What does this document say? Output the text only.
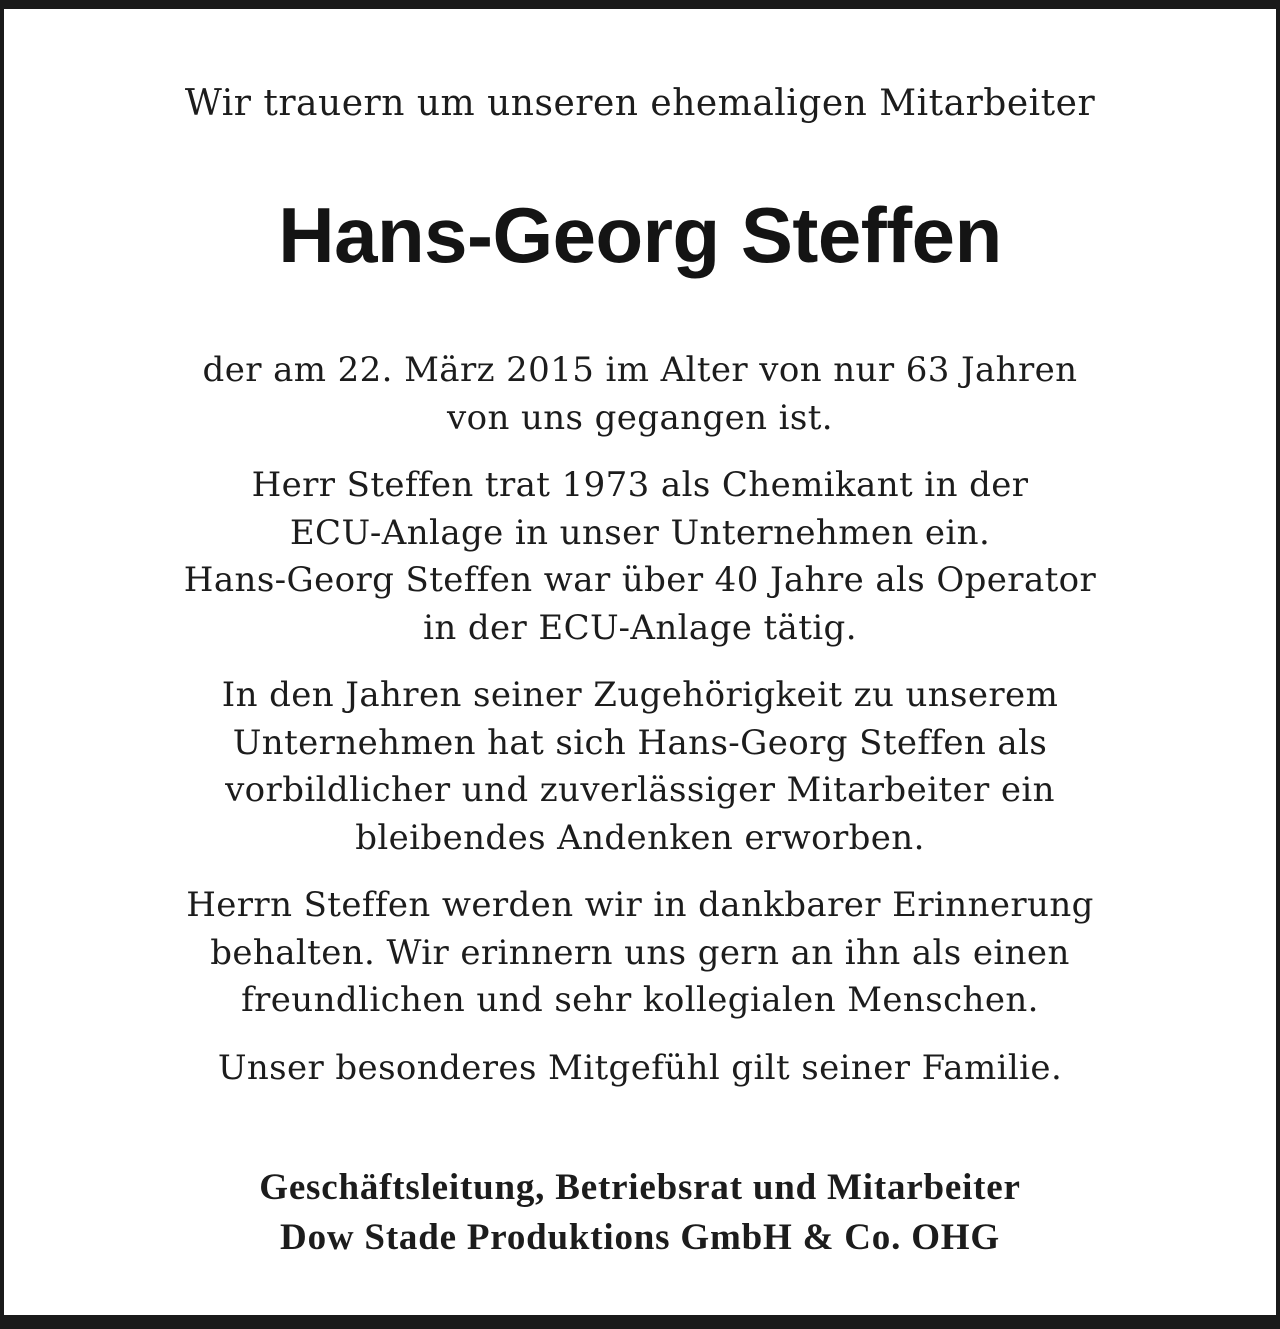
Wir trauern um unseren ehemaligen Mitarbeiter
Hans-Georg Steffen

der am 22. März 2015 im Alter von nur 63 Jahren
von uns gegangen ist.

Herr Steffen trat 1973 als Chemikant in der
ECU-Anlage in unser Unternehmen ein.
Hans-Georg Steffen war über 40 Jahre als Operator
in der ECU-Anlage tätig.

In den Jahren seiner Zugehörigkeit zu unserem
Unternehmen hat sich Hans-Georg Steffen als
vorbildlicher und zuverlässiger Mitarbeiter ein
bleibendes Andenken erworben.

Herrn Steffen werden wir in dankbarer Erinnerung
behalten. Wir erinnern uns gern an ihn als einen
freundlichen und sehr kollegialen Menschen.

Unser besonderes Mitgefühl gilt seiner Familie.

Geschäftsleitung, Betriebsrat und Mitarbeiter
Dow Stade Produktions GmbH & Co. OHG
